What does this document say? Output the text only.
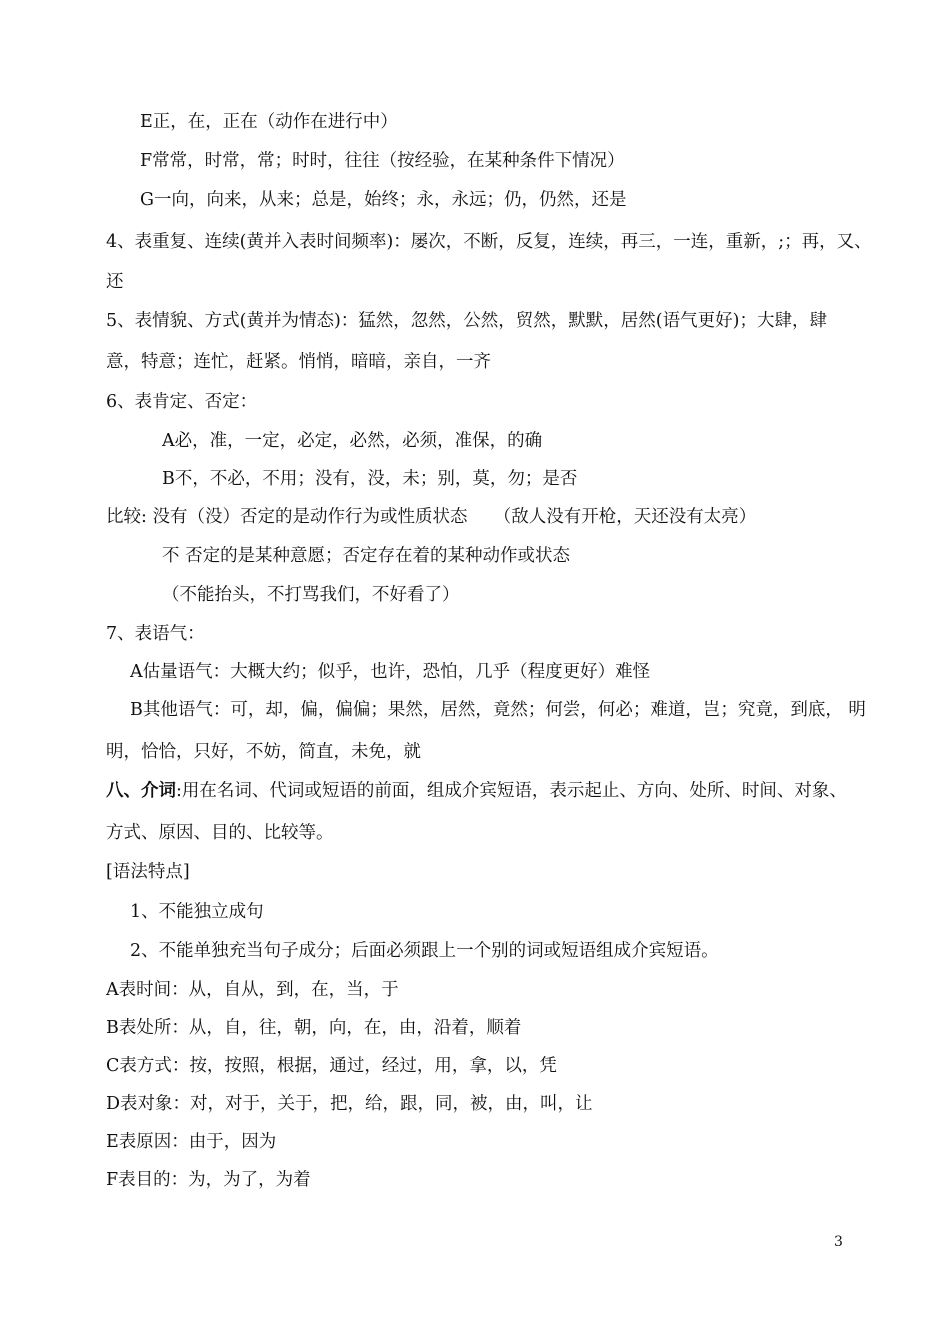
E正，在，正在（动作在进行中）

F常常，时常，常；时时，往往（按经验，在某种条件下情况）

G一向，向来，从来；总是，始终；永，永远；仍，仍然，还是

4、表重复、连续(黄并入表时间频率)：屡次，不断，反复，连续，再三，一连，重新，;；再，又、

还

5、表情貌、方式(黄并为情态)：猛然，忽然，公然，贸然，默默，居然(语气更好)；大肆，肆

意，特意；连忙，赶紧。悄悄，暗暗，亲自，一齐

6、表肯定、否定：

A必，准，一定，必定，必然，必须，准保，的确

B不，不必，不用；没有，没，未；别，莫，勿；是否

比较: 没有（没）否定的是动作行为或性质状态　　（敌人没有开枪，天还没有太亮）

不 否定的是某种意愿；否定存在着的某种动作或状态

（不能抬头，不打骂我们，不好看了）

7、表语气：

A估量语气：大概大约；似乎，也许，恐怕，几乎（程度更好）难怪

B其他语气：可，却，偏，偏偏；果然，居然，竟然；何尝，何必；难道，岂；究竟，到底， 明

明，恰恰，只好，不妨，简直，未免，就

八、介词:用在名词、代词或短语的前面，组成介宾短语，表示起止、方向、处所、时间、对象、

方式、原因、目的、比较等。

[语法特点]

1、不能独立成句

2、不能单独充当句子成分；后面必须跟上一个别的词或短语组成介宾短语。

A表时间：从，自从，到，在，当，于

B表处所：从，自，往，朝，向，在，由，沿着，顺着

C表方式：按，按照，根据，通过，经过，用，拿，以，凭

D表对象：对，对于，关于，把，给，跟，同，被，由，叫，让

E表原因：由于，因为

F表目的：为，为了，为着

3
